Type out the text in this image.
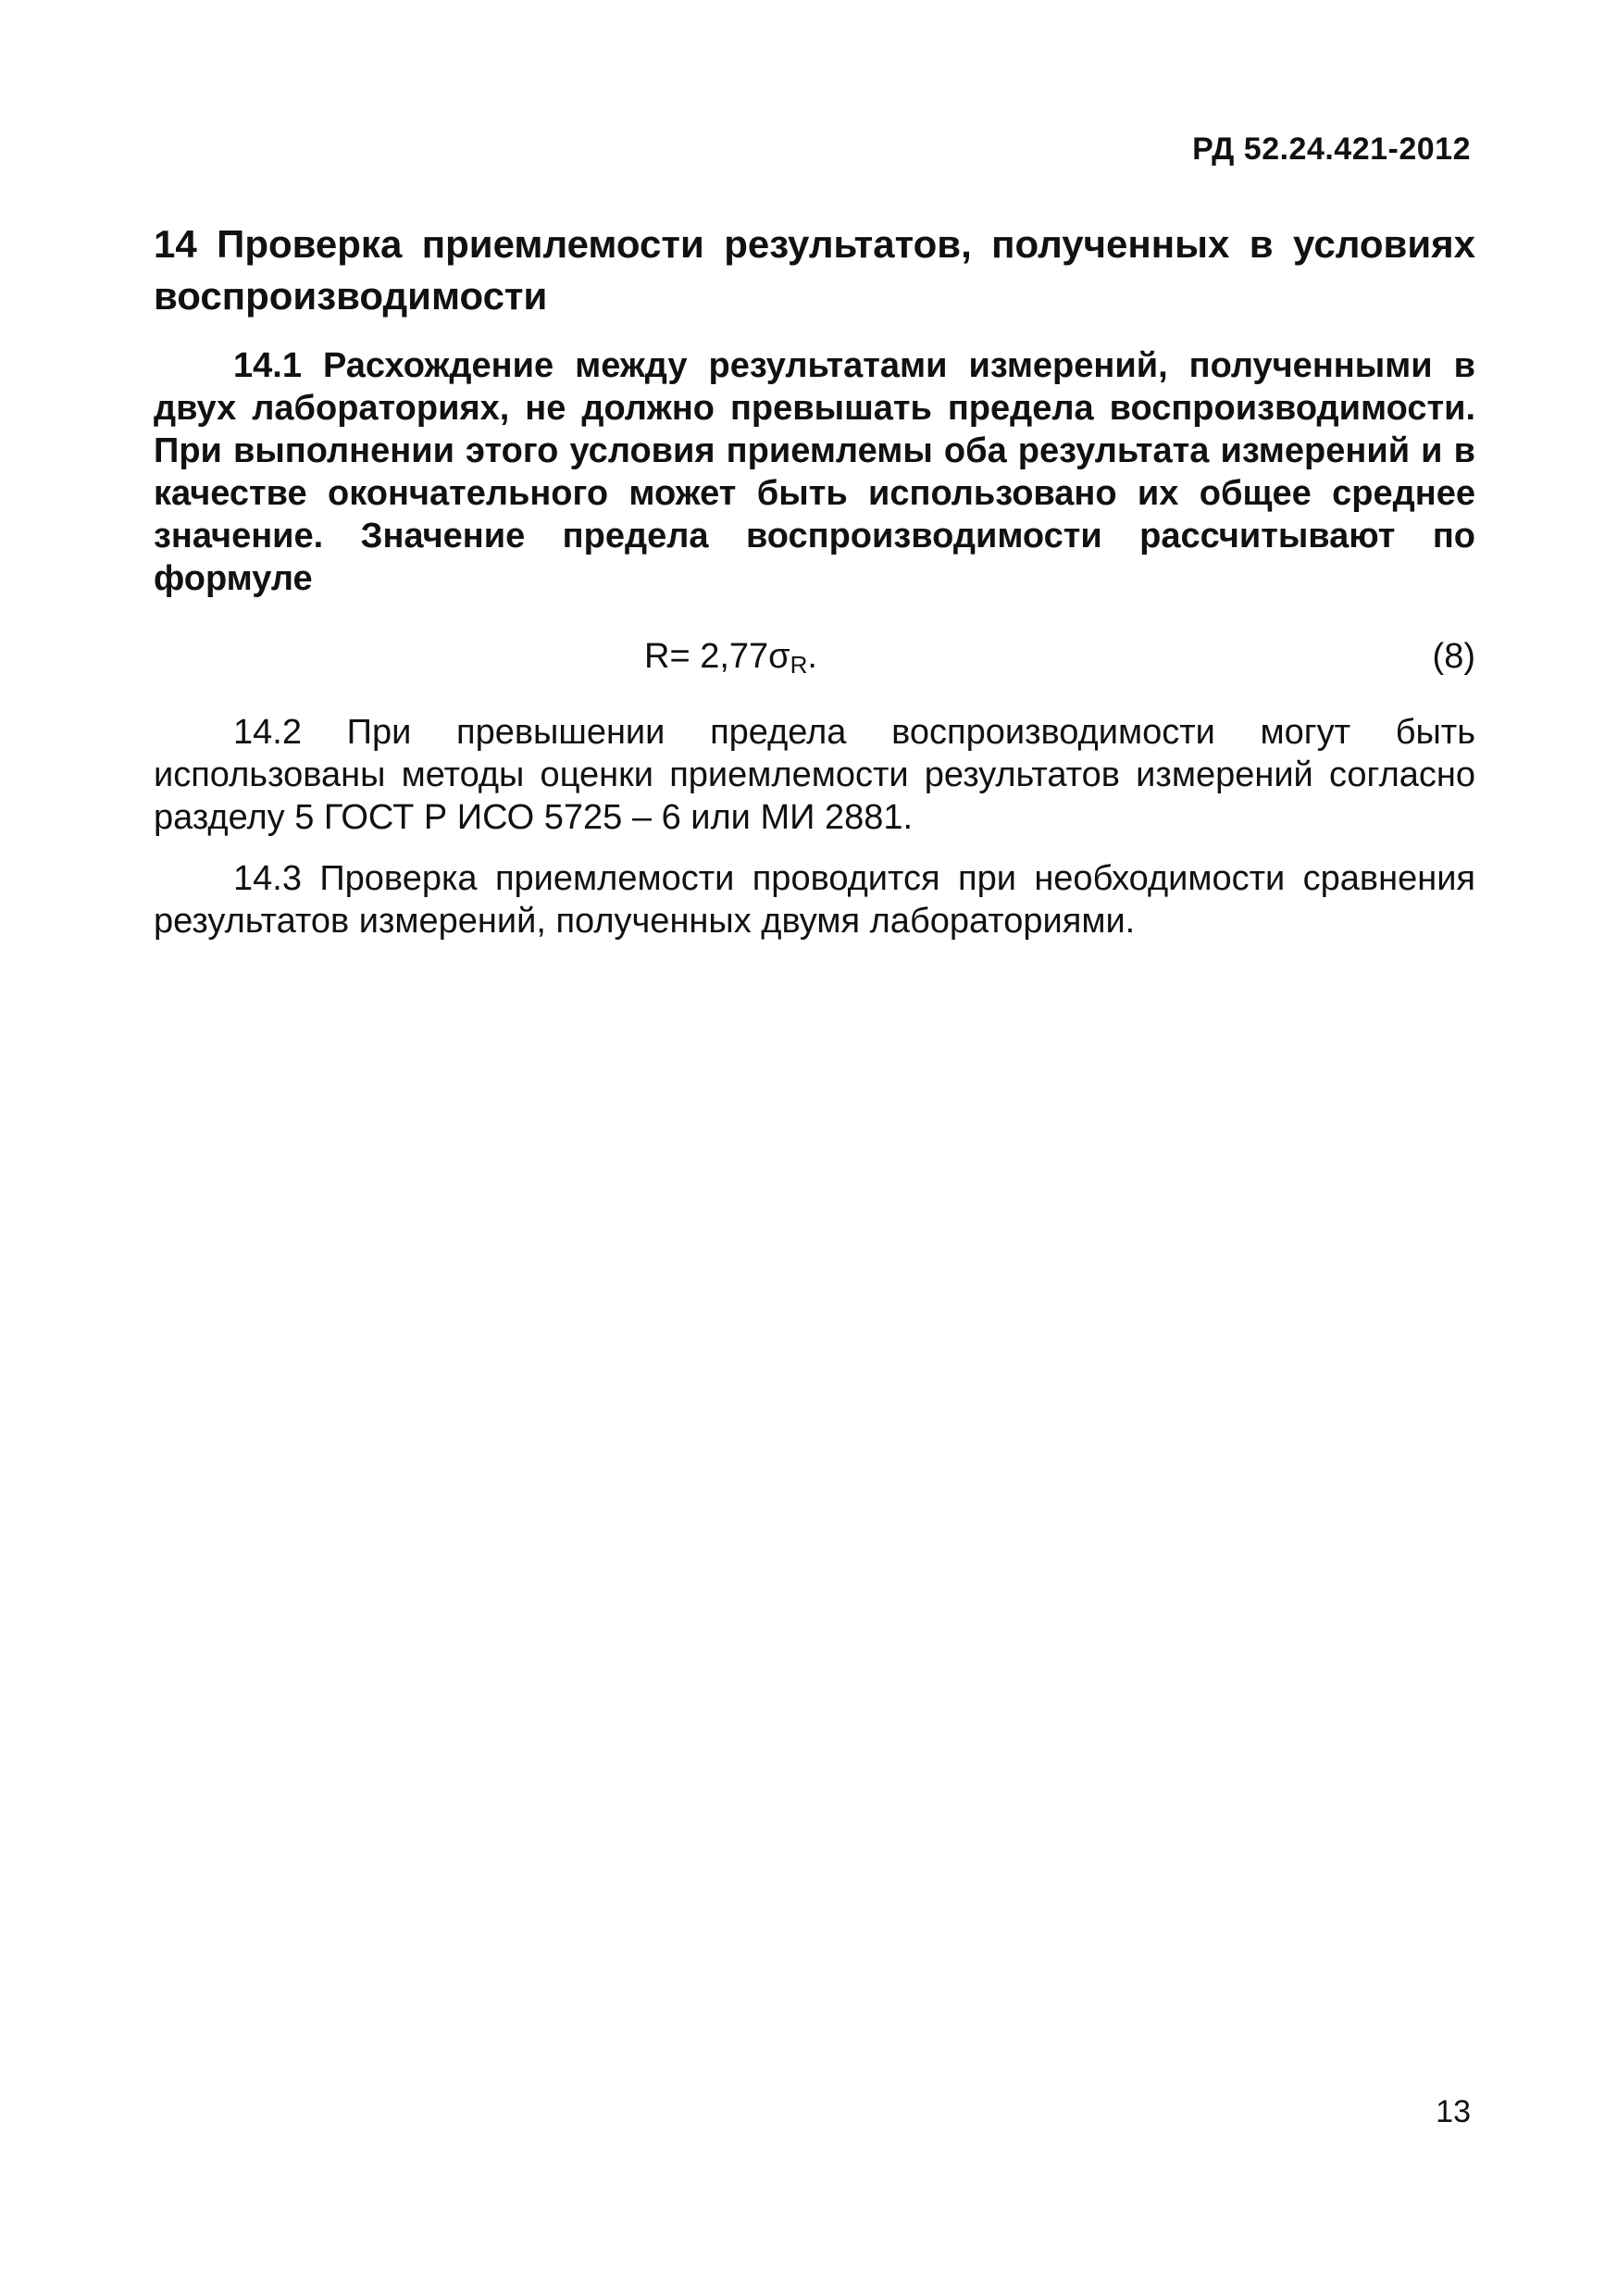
РД 52.24.421-2012
14 Проверка приемлемости результатов, полученных в условиях воспроизводимости

14.1 Расхождение между результатами измерений, полученными в двух лабораториях, не должно превышать предела воспроизводимости. При выполнении этого условия приемлемы оба результата измерений и в качестве окончательного может быть использовано их общее среднее значение. Значение предела воспроизводимости рассчитывают по формуле

$R= 2,77\sigma_R$.	(8)

14.2 При превышении предела воспроизводимости могут быть использованы методы оценки приемлемости результатов измерений согласно разделу 5 ГОСТ Р ИСО 5725 – 6 или МИ 2881.

14.3 Проверка приемлемости проводится при необходимости сравнения результатов измерений, полученных двумя лабораториями.

13
